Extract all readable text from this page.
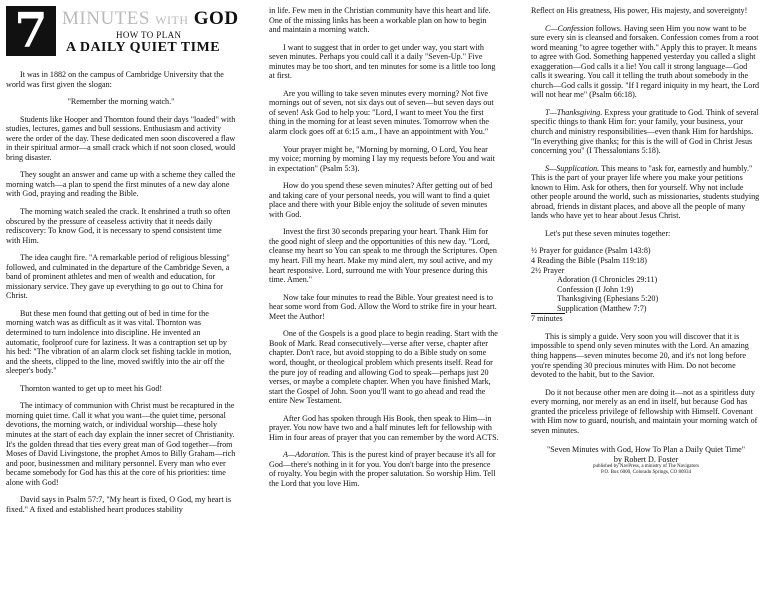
7 MINUTES WITH GOD
HOW TO PLAN
A DAILY QUIET TIME

It was in 1882 on the campus of Cambridge University that the world was first given the slogan:

"Remember the morning watch."

Students like Hooper and Thornton found their days "loaded" with studies, lectures, games and bull sessions. Enthusiasm and activity were the order of the day. These dedicated men soon discovered a flaw in their spiritual armor—a small crack which if not soon closed, would bring disaster.

They sought an answer and came up with a scheme they called the morning watch—a plan to spend the first minutes of a new day alone with God, praying and reading the Bible.

The morning watch sealed the crack. It enshrined a truth so often obscured by the pressure of ceaseless activity that it needs daily rediscovery: To know God, it is necessary to spend consistent time with Him.

The idea caught fire. "A remarkable period of religious blessing" followed, and culminated in the departure of the Cambridge Seven, a band of prominent athletes and men of wealth and education, for missionary service. They gave up everything to go out to China for Christ.

But these men found that getting out of bed in time for the morning watch was as difficult as it was vital. Thornton was determined to turn indolence into discipline. He invented an automatic, foolproof cure for laziness. It was a contraption set up by his bed: "The vibration of an alarm clock set fishing tackle in motion, and the sheets, clipped to the line, moved swiftly into the air off the sleeper's body."

Thornton wanted to get up to meet his God!

The intimacy of communion with Christ must be recaptured in the morning quiet time. Call it what you want—the quiet time, personal devotions, the morning watch, or individual worship—these holy minutes at the start of each day explain the inner secret of Christianity. It's the golden thread that ties every great man of God together—from Moses of David Livingstone, the prophet Amos to Billy Graham—rich and poor, businessmen and military personnel. Every man who ever became somebody for God has this at the core of his priorities: time alone with God!

David says in Psalm 57:7, "My heart is fixed, O God, my heart is fixed." A fixed and established heart produces stability

in life. Few men in the Christian community have this heart and life. One of the missing links has been a workable plan on how to begin and maintain a morning watch.

I want to suggest that in order to get under way, you start with seven minutes. Perhaps you could call it a daily "Seven-Up." Five minutes may be too short, and ten minutes for some is a little too long at first.

Are you willing to take seven minutes every morning? Not five mornings out of seven, not six days out of seven—but seven days out of seven! Ask God to help you: "Lord, I want to meet You the first thing in the morning for at least seven minutes. Tomorrow when the alarm clock goes off at 6:15 a.m., I have an appointment with You."

Your prayer might be, "Morning by morning, O Lord, You hear my voice; morning by morning I lay my requests before You and wait in expectation" (Psalm 5:3).

How do you spend these seven minutes? After getting out of bed and taking care of your personal needs, you will want to find a quiet place and there with your Bible enjoy the solitude of seven minutes with God.

Invest the first 30 seconds preparing your heart. Thank Him for the good night of sleep and the opportunities of this new day. "Lord, cleanse my heart so You can speak to me through the Scriptures. Open my heart. Fill my heart. Make my mind alert, my soul active, and my heart responsive. Lord, surround me with Your presence during this time. Amen."

Now take four minutes to read the Bible. Your greatest need is to hear some word from God. Allow the Word to strike fire in your heart. Meet the Author!

One of the Gospels is a good place to begin reading. Start with the Book of Mark. Read consecutively—verse after verse, chapter after chapter. Don't race, but avoid stopping to do a Bible study on some word, thought, or theological problem which presents itself. Read for the pure joy of reading and allowing God to speak—perhaps just 20 verses, or maybe a complete chapter. When you have finished Mark, start the Gospel of John. Soon you'll want to go ahead and read the entire New Testament.

After God has spoken through His Book, then speak to Him—in prayer. You now have two and a half minutes left for fellowship with Him in four areas of prayer that you can remember by the word ACTS.

A—Adoration. This is the purest kind of prayer because it's all for God—there's nothing in it for you. You don't barge into the presence of royalty. You begin with the proper salutation. So worship Him. Tell the Lord that you love Him.

Reflect on His greatness, His power, His majesty, and sovereignty!

C—Confession follows. Having seen Him you now want to be sure every sin is cleansed and forsaken. Confession comes from a root word meaning "to agree together with." Apply this to prayer. It means to agree with God. Something happened yesterday you called a slight exaggeration—God calls it a lie! You call it strong language—God calls it swearing. You call it telling the truth about somebody in the church—God calls it gossip. "If I regard iniquity in my heart, the Lord will not hear me" (Psalm 66:18).

T—Thanksgiving. Express your gratitude to God. Think of several specific things to thank Him for: your family, your business, your church and ministry responsibilities—even thank Him for hardships. "In everything give thanks; for this is the will of God in Christ Jesus concerning you" (I Thessalonians 5:18).

S—Supplication. This means to "ask for, earnestly and humbly." This is the part of your prayer life where you make your petitions known to Him. Ask for others, then for yourself. Why not include other people around the world, such as missionaries, students studying abroad, friends in distant places, and above all the people of many lands who have yet to hear about Jesus Christ.

Let's put these seven minutes together:

½ Prayer for guidance (Psalm 143:8)
4 Reading the Bible (Psalm 119:18)
2½ Prayer
Adoration (I Chronicles 29:11)
Confession (I John 1:9)
Thanksgiving (Ephesians 5:20)
Supplication (Matthew 7:7)
7 minutes

This is simply a guide. Very soon you will discover that it is impossible to spend only seven minutes with the Lord. An amazing thing happens—seven minutes become 20, and it's not long before you're spending 30 precious minutes with Him. Do not become devoted to the habit, but to the Savior.

Do it not because other men are doing it—not as a spiritless duty every morning, nor merely as an end in itself, but because God has granted the priceless privilege of fellowship with Himself. Covenant with Him now to guard, nourish, and maintain your morning watch of seven minutes.

"Seven Minutes with God, How To Plan a Daily Quiet Time"
by Robert D. Foster
published by NavPress, a ministry of The Navigators
P.O. Box 6000, Colorado Springs, CO 80934
